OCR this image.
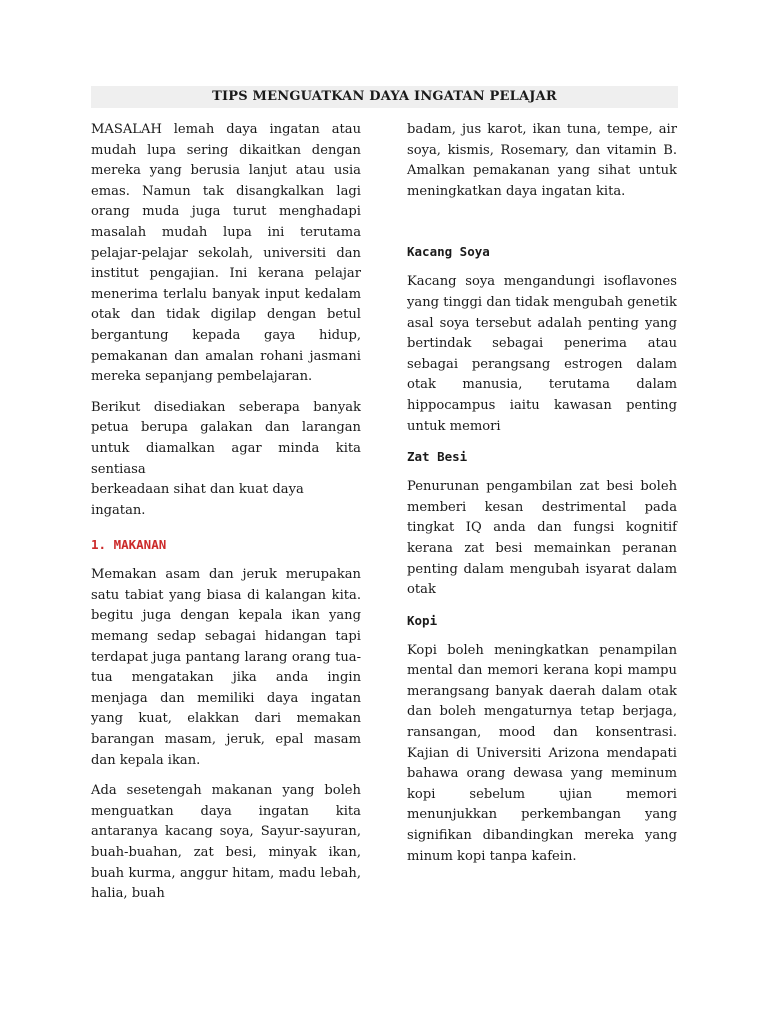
TIPS MENGUATKAN DAYA INGATAN PELAJAR

MASALAH lemah daya ingatan atau mudah lupa sering dikaitkan dengan mereka yang berusia lanjut atau usia emas. Namun tak disangkalkan lagi orang muda juga turut menghadapi masalah mudah lupa ini terutama pelajar-pelajar sekolah, universiti dan institut pengajian. Ini kerana pelajar menerima terlalu banyak input kedalam otak dan tidak digilap dengan betul bergantung kepada gaya hidup, pemakanan dan amalan rohani jasmani mereka sepanjang pembelajaran.

Berikut disediakan seberapa banyak petua berupa galakan dan larangan untuk diamalkan agar minda kita sentiasa

berkeadaan sihat dan kuat daya ingatan.

1. MAKANAN

Memakan asam dan jeruk merupakan satu tabiat yang biasa di kalangan kita. begitu juga dengan kepala ikan yang memang sedap sebagai hidangan tapi terdapat juga pantang larang orang tua-tua mengatakan jika anda ingin menjaga dan memiliki daya ingatan yang kuat, elakkan dari memakan barangan masam, jeruk, epal masam dan kepala ikan.

Ada sesetengah makanan yang boleh menguatkan daya ingatan kita antaranya kacang soya, Sayur-sayuran, buah-buahan, zat besi, minyak ikan, buah kurma, anggur hitam, madu lebah, halia, buah

badam, jus karot, ikan tuna, tempe, air soya, kismis, Rosemary, dan vitamin B. Amalkan pemakanan yang sihat untuk meningkatkan daya ingatan kita.

Kacang Soya

Kacang soya mengandungi isoflavones yang tinggi dan tidak mengubah genetik asal soya tersebut adalah penting yang bertindak sebagai penerima atau sebagai perangsang estrogen dalam otak manusia, terutama dalam hippocampus iaitu kawasan penting untuk memori

Zat Besi

Penurunan pengambilan zat besi boleh memberi kesan destrimental pada tingkat IQ anda dan fungsi kognitif kerana zat besi memainkan peranan penting dalam mengubah isyarat dalam otak

Kopi

Kopi boleh meningkatkan penampilan mental dan memori kerana kopi mampu merangsang banyak daerah dalam otak dan boleh mengaturnya tetap berjaga, ransangan, mood dan konsentrasi. Kajian di Universiti Arizona mendapati bahawa orang dewasa yang meminum kopi sebelum ujian memori menunjukkan perkembangan yang signifikan dibandingkan mereka yang minum kopi tanpa kafein.
